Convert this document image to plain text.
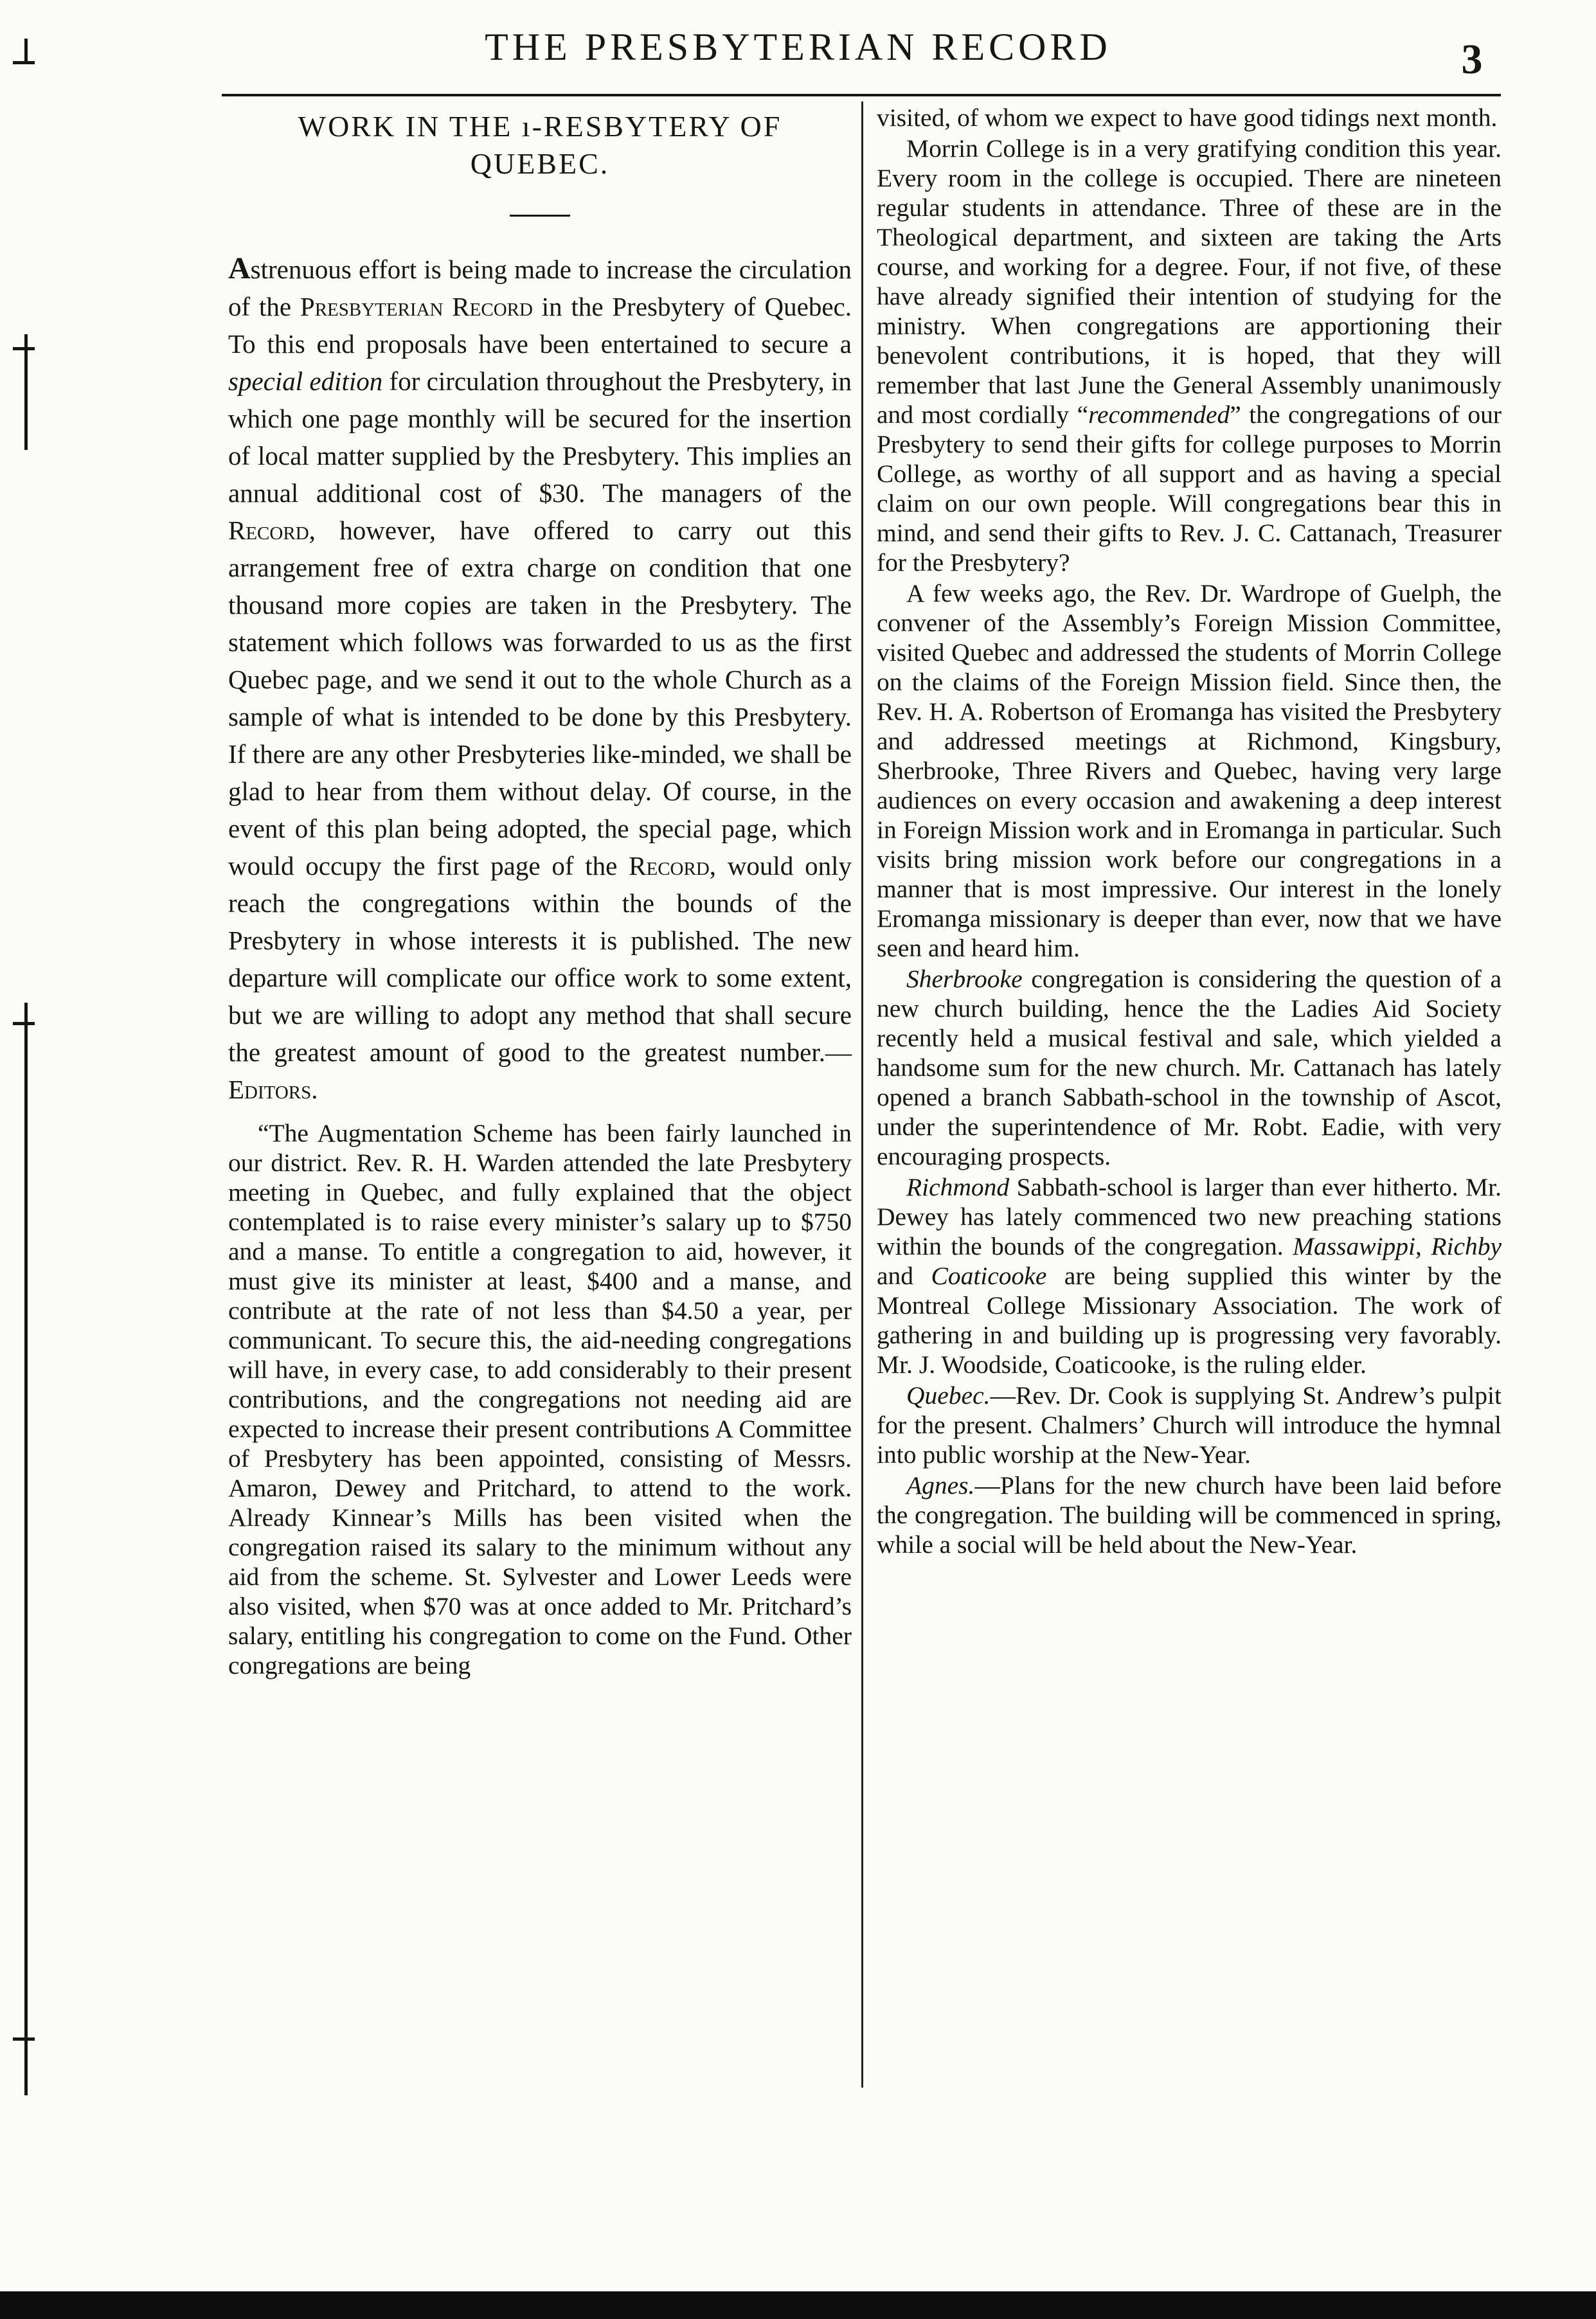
THE PRESBYTERIAN RECORD	3
WORK IN THE ı-RESBYTERY OF
QUEBEC.

Astrenuous effort is being made to increase the circulation of the Presbyterian Record in the Presbytery of Quebec. To this end proposals have been entertained to secure a special edition for circulation throughout the Presbytery, in which one page monthly will be secured for the insertion of local matter supplied by the Presbytery. This implies an annual additional cost of $30. The managers of the Record, however, have offered to carry out this arrangement free of extra charge on condition that one thousand more copies are taken in the Presbytery. The statement which follows was forwarded to us as the first Quebec page, and we send it out to the whole Church as a sample of what is intended to be done by this Presbytery. If there are any other Presbyteries like-minded, we shall be glad to hear from them without delay. Of course, in the event of this plan being adopted, the special page, which would occupy the first page of the Record, would only reach the congregations within the bounds of the Presbytery in whose interests it is published. The new departure will complicate our office work to some extent, but we are willing to adopt any method that shall secure the greatest amount of good to the greatest number.—Editors.

“The Augmentation Scheme has been fairly launched in our district. Rev. R. H. Warden attended the late Presbytery meeting in Quebec, and fully explained that the object contemplated is to raise every minister’s salary up to $750 and a manse. To entitle a congregation to aid, however, it must give its minister at least, $400 and a manse, and contribute at the rate of not less than $4.50 a year, per communicant. To secure this, the aid-needing congregations will have, in every case, to add considerably to their present contributions, and the congregations not needing aid are expected to increase their present contributions A Committee of Presbytery has been appointed, consisting of Messrs. Amaron, Dewey and Pritchard, to attend to the work. Already Kinnear’s Mills has been visited when the congregation raised its salary to the minimum without any aid from the scheme. St. Sylvester and Lower Leeds were also visited, when $70 was at once added to Mr. Pritchard’s salary, entitling his congregation to come on the Fund. Other congregations are being

visited, of whom we expect to have good tidings next month.

Morrin College is in a very gratifying condition this year. Every room in the college is occupied. There are nineteen regular students in attendance. Three of these are in the Theological department, and sixteen are taking the Arts course, and working for a degree. Four, if not five, of these have already signified their intention of studying for the ministry. When congregations are apportioning their benevolent contributions, it is hoped, that they will remember that last June the General Assembly unanimously and most cordially “recommended” the congregations of our Presbytery to send their gifts for college purposes to Morrin College, as worthy of all support and as having a special claim on our own people. Will congregations bear this in mind, and send their gifts to Rev. J. C. Cattanach, Treasurer for the Presbytery?

A few weeks ago, the Rev. Dr. Wardrope of Guelph, the convener of the Assembly’s Foreign Mission Committee, visited Quebec and addressed the students of Morrin College on the claims of the Foreign Mission field. Since then, the Rev. H. A. Robertson of Eromanga has visited the Presbytery and addressed meetings at Richmond, Kingsbury, Sherbrooke, Three Rivers and Quebec, having very large audiences on every occasion and awakening a deep interest in Foreign Mission work and in Eromanga in particular. Such visits bring mission work before our congregations in a manner that is most impressive. Our interest in the lonely Eromanga missionary is deeper than ever, now that we have seen and heard him.

Sherbrooke congregation is considering the question of a new church building, hence the the Ladies Aid Society recently held a musical festival and sale, which yielded a handsome sum for the new church. Mr. Cattanach has lately opened a branch Sabbath-school in the township of Ascot, under the superintendence of Mr. Robt. Eadie, with very encouraging prospects.

Richmond Sabbath-school is larger than ever hitherto. Mr. Dewey has lately commenced two new preaching stations within the bounds of the congregation. Massawippi, Richby and Coaticooke are being supplied this winter by the Montreal College Missionary Association. The work of gathering in and building up is progressing very favorably. Mr. J. Woodside, Coaticooke, is the ruling elder.

Quebec.—Rev. Dr. Cook is supplying St. Andrew’s pulpit for the present. Chalmers’ Church will introduce the hymnal into public worship at the New-Year.

Agnes.—Plans for the new church have been laid before the congregation. The building will be commenced in spring, while a social will be held about the New-Year.
